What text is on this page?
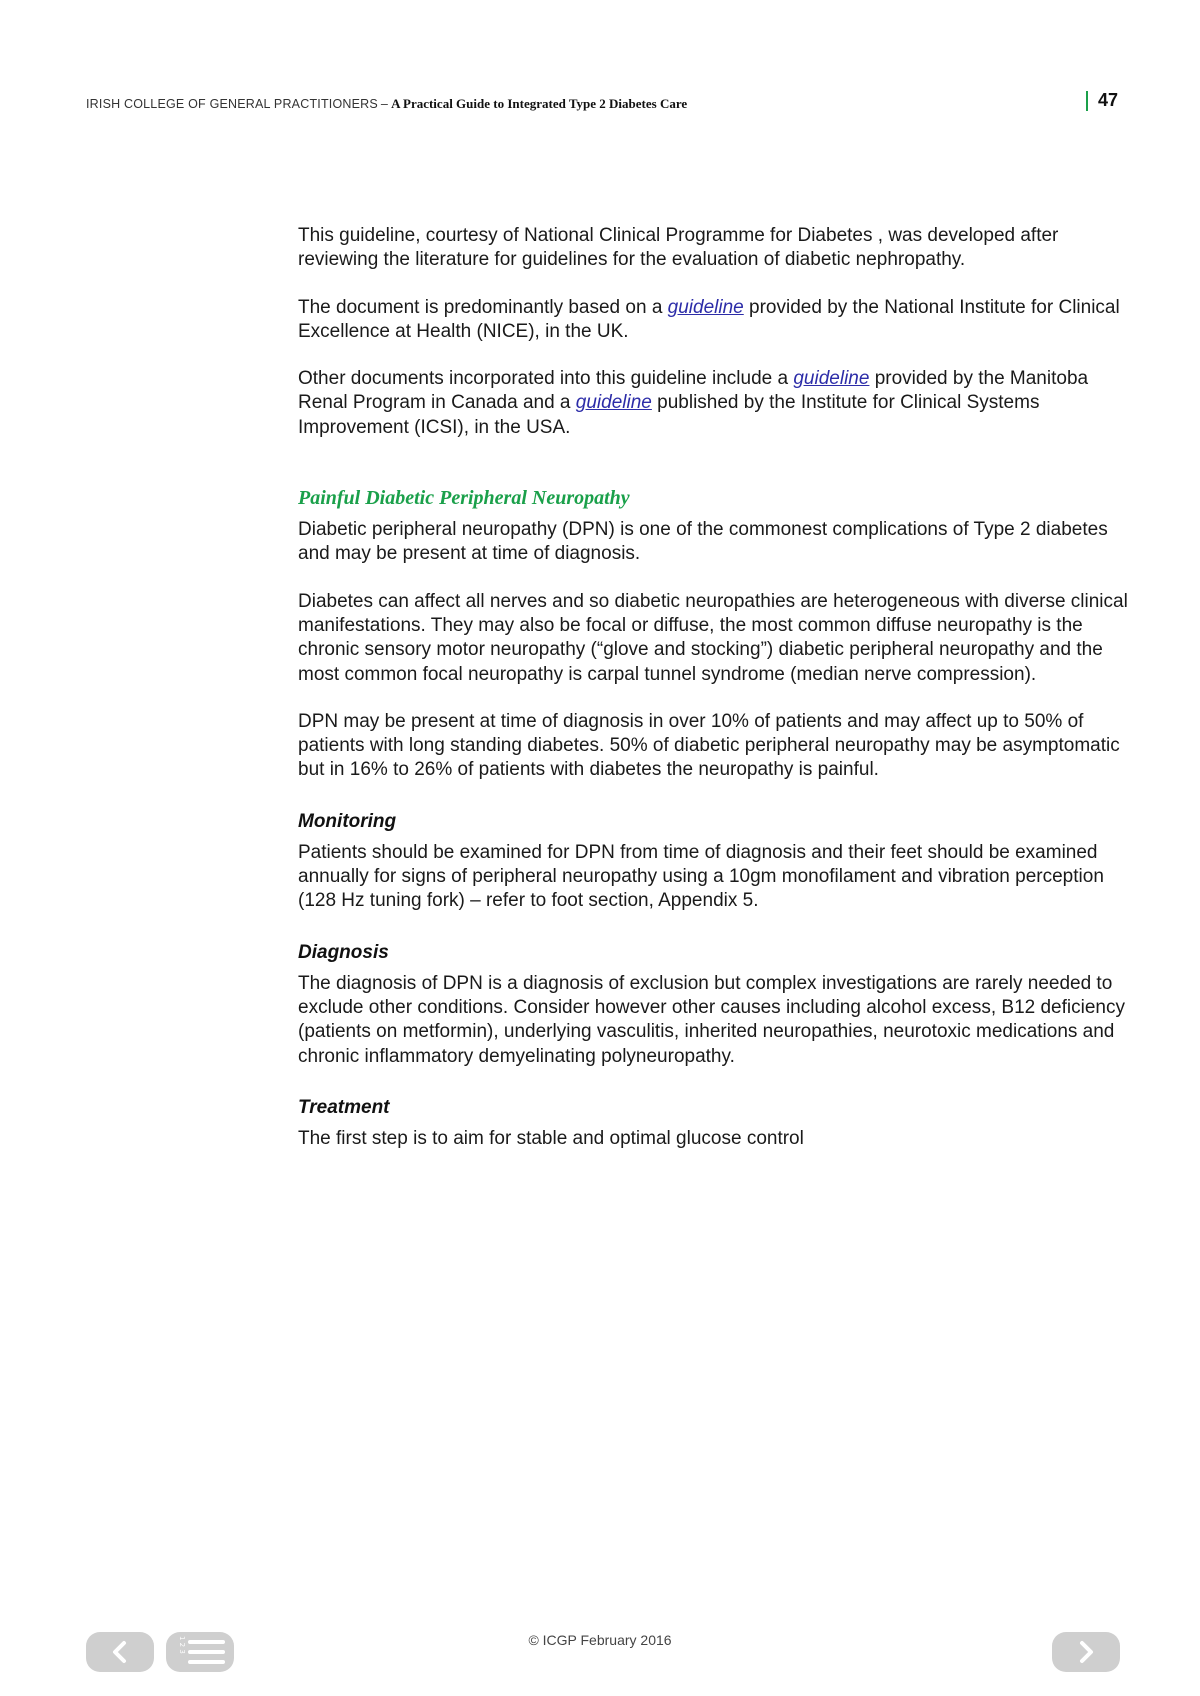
IRISH COLLEGE OF GENERAL PRACTITIONERS – A Practical Guide to Integrated Type 2 Diabetes Care	47

This guideline, courtesy of National Clinical Programme for Diabetes , was developed after reviewing the literature for guidelines for the evaluation of diabetic nephropathy.

The document is predominantly based on a guideline provided by the National Institute for Clinical Excellence at Health (NICE), in the UK.

Other documents incorporated into this guideline include a guideline provided by the Manitoba Renal Program in Canada and a guideline published by the Institute for Clinical Systems Improvement (ICSI), in the USA.

Painful Diabetic Peripheral Neuropathy

Diabetic peripheral neuropathy (DPN) is one of the commonest complications of Type 2 diabetes and may be present at time of diagnosis.

Diabetes can affect all nerves and so diabetic neuropathies are heterogeneous with diverse clinical manifestations. They may also be focal or diffuse, the most common diffuse neuropathy is the chronic sensory motor neuropathy (“glove and stocking”) diabetic peripheral neuropathy and the most common focal neuropathy is carpal tunnel syndrome (median nerve compression).

DPN may be present at time of diagnosis in over 10% of patients and may affect up to 50% of patients with long standing diabetes. 50% of diabetic peripheral neuropathy may be asymptomatic but in 16% to 26% of patients with diabetes the neuropathy is painful.

Monitoring

Patients should be examined for DPN from time of diagnosis and their feet should be examined annually for signs of peripheral neuropathy using a 10gm monofilament and vibration perception (128 Hz tuning fork) – refer to foot section, Appendix 5.

Diagnosis

The diagnosis of DPN is a diagnosis of exclusion but complex investigations are rarely needed to exclude other conditions. Consider however other causes including alcohol excess, B12 deficiency (patients on metformin), underlying vasculitis, inherited neuropathies, neurotoxic medications and chronic inflammatory demyelinating polyneuropathy.

Treatment

The first step is to aim for stable and optimal glucose control

1 2 3	© ICGP February 2016
